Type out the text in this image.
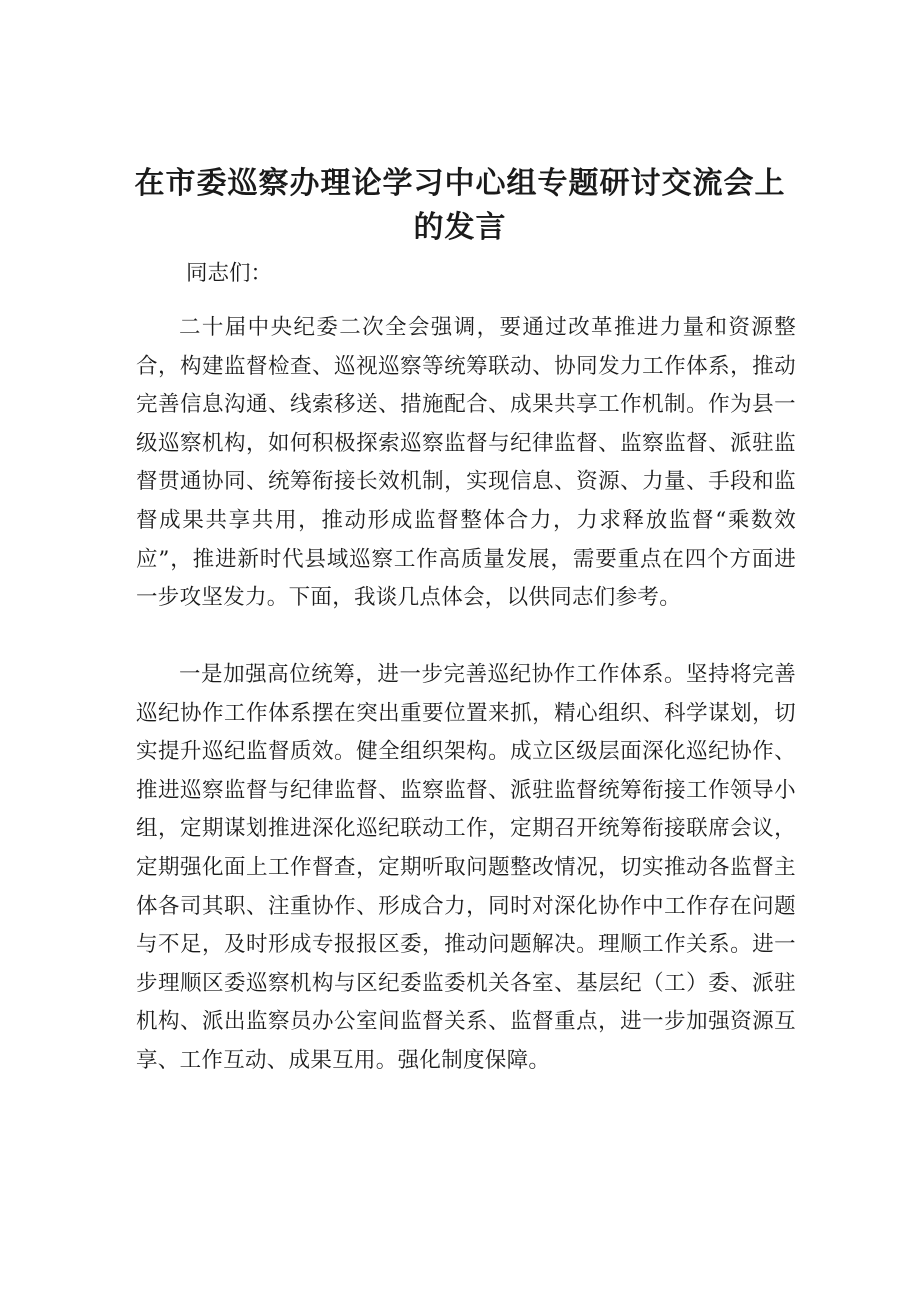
在市委巡察办理论学习中心组专题研讨交流会上的发言

同志们：

二十届中央纪委二次全会强调，要通过改革推进力量和资源整合，构建监督检查、巡视巡察等统筹联动、协同发力工作体系，推动完善信息沟通、线索移送、措施配合、成果共享工作机制。作为县一级巡察机构，如何积极探索巡察监督与纪律监督、监察监督、派驻监督贯通协同、统筹衔接长效机制，实现信息、资源、力量、手段和监督成果共享共用，推动形成监督整体合力，力求释放监督“乘数效应”，推进新时代县域巡察工作高质量发展，需要重点在四个方面进一步攻坚发力。下面，我谈几点体会，以供同志们参考。

一是加强高位统筹，进一步完善巡纪协作工作体系。坚持将完善巡纪协作工作体系摆在突出重要位置来抓，精心组织、科学谋划，切实提升巡纪监督质效。健全组织架构。成立区级层面深化巡纪协作、推进巡察监督与纪律监督、监察监督、派驻监督统筹衔接工作领导小组，定期谋划推进深化巡纪联动工作，定期召开统筹衔接联席会议，定期强化面上工作督查，定期听取问题整改情况，切实推动各监督主体各司其职、注重协作、形成合力，同时对深化协作中工作存在问题与不足，及时形成专报报区委，推动问题解决。理顺工作关系。进一步理顺区委巡察机构与区纪委监委机关各室、基层纪（工）委、派驻机构、派出监察员办公室间监督关系、监督重点，进一步加强资源互享、工作互动、成果互用。强化制度保障。
